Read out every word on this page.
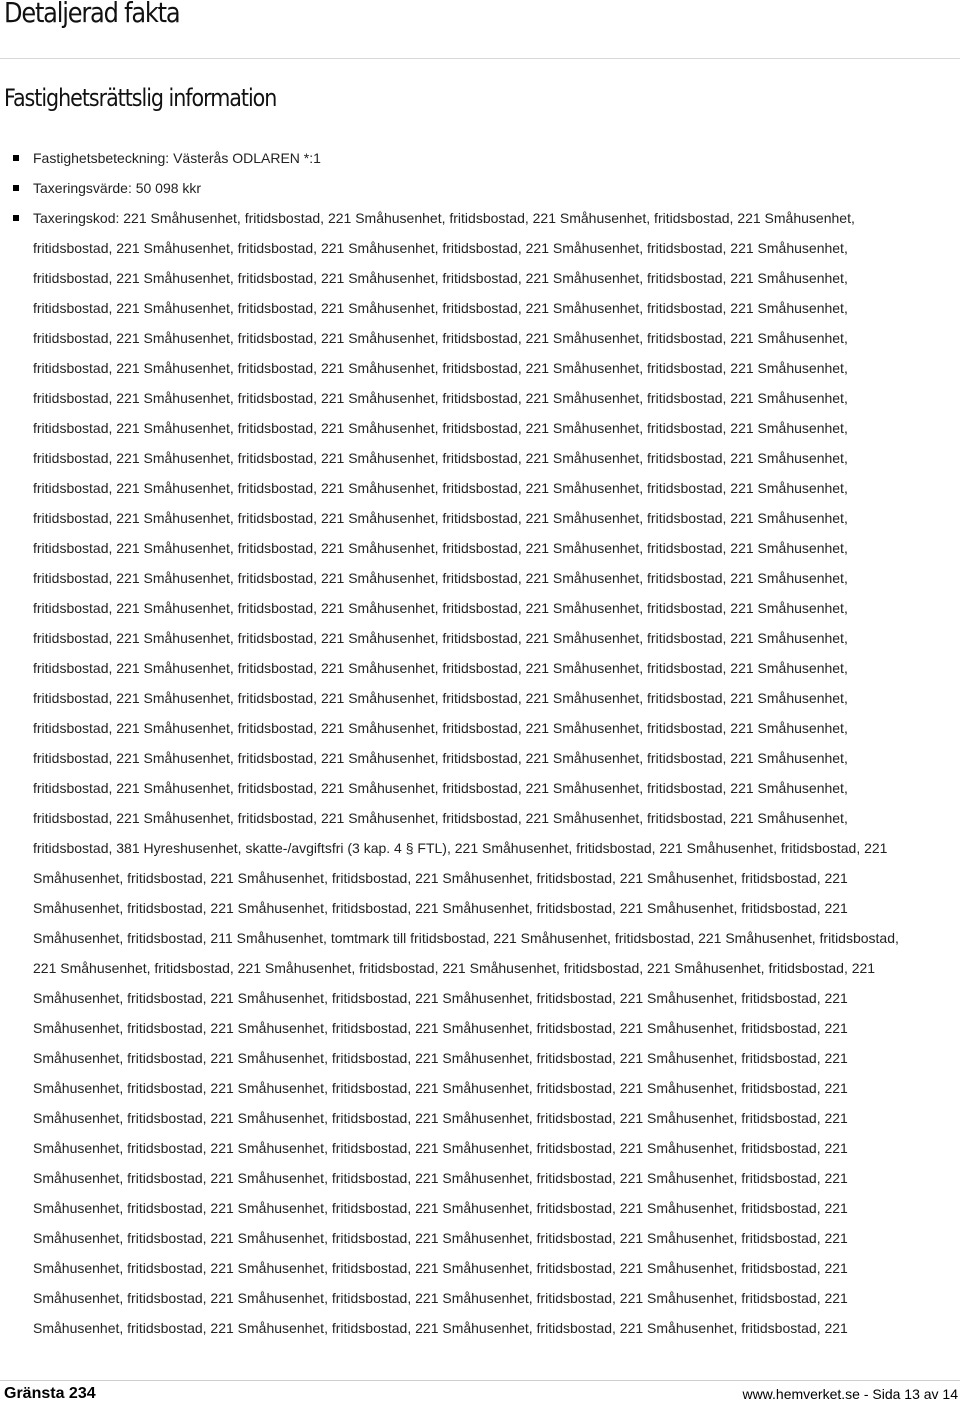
Detaljerad fakta
Fastighetsrättslig information
Fastighetsbeteckning: Västerås ODLAREN *:1
Taxeringsvärde: 50 098 kkr
Taxeringskod: 221 Småhusenhet, fritidsbostad, 221 Småhusenhet, fritidsbostad, 221 Småhusenhet, fritidsbostad, 221 Småhusenhet,
fritidsbostad, 221 Småhusenhet, fritidsbostad, 221 Småhusenhet, fritidsbostad, 221 Småhusenhet, fritidsbostad, 221 Småhusenhet,
fritidsbostad, 221 Småhusenhet, fritidsbostad, 221 Småhusenhet, fritidsbostad, 221 Småhusenhet, fritidsbostad, 221 Småhusenhet,
fritidsbostad, 221 Småhusenhet, fritidsbostad, 221 Småhusenhet, fritidsbostad, 221 Småhusenhet, fritidsbostad, 221 Småhusenhet,
fritidsbostad, 221 Småhusenhet, fritidsbostad, 221 Småhusenhet, fritidsbostad, 221 Småhusenhet, fritidsbostad, 221 Småhusenhet,
fritidsbostad, 221 Småhusenhet, fritidsbostad, 221 Småhusenhet, fritidsbostad, 221 Småhusenhet, fritidsbostad, 221 Småhusenhet,
fritidsbostad, 221 Småhusenhet, fritidsbostad, 221 Småhusenhet, fritidsbostad, 221 Småhusenhet, fritidsbostad, 221 Småhusenhet,
fritidsbostad, 221 Småhusenhet, fritidsbostad, 221 Småhusenhet, fritidsbostad, 221 Småhusenhet, fritidsbostad, 221 Småhusenhet,
fritidsbostad, 221 Småhusenhet, fritidsbostad, 221 Småhusenhet, fritidsbostad, 221 Småhusenhet, fritidsbostad, 221 Småhusenhet,
fritidsbostad, 221 Småhusenhet, fritidsbostad, 221 Småhusenhet, fritidsbostad, 221 Småhusenhet, fritidsbostad, 221 Småhusenhet,
fritidsbostad, 221 Småhusenhet, fritidsbostad, 221 Småhusenhet, fritidsbostad, 221 Småhusenhet, fritidsbostad, 221 Småhusenhet,
fritidsbostad, 221 Småhusenhet, fritidsbostad, 221 Småhusenhet, fritidsbostad, 221 Småhusenhet, fritidsbostad, 221 Småhusenhet,
fritidsbostad, 221 Småhusenhet, fritidsbostad, 221 Småhusenhet, fritidsbostad, 221 Småhusenhet, fritidsbostad, 221 Småhusenhet,
fritidsbostad, 221 Småhusenhet, fritidsbostad, 221 Småhusenhet, fritidsbostad, 221 Småhusenhet, fritidsbostad, 221 Småhusenhet,
fritidsbostad, 221 Småhusenhet, fritidsbostad, 221 Småhusenhet, fritidsbostad, 221 Småhusenhet, fritidsbostad, 221 Småhusenhet,
fritidsbostad, 221 Småhusenhet, fritidsbostad, 221 Småhusenhet, fritidsbostad, 221 Småhusenhet, fritidsbostad, 221 Småhusenhet,
fritidsbostad, 221 Småhusenhet, fritidsbostad, 221 Småhusenhet, fritidsbostad, 221 Småhusenhet, fritidsbostad, 221 Småhusenhet,
fritidsbostad, 221 Småhusenhet, fritidsbostad, 221 Småhusenhet, fritidsbostad, 221 Småhusenhet, fritidsbostad, 221 Småhusenhet,
fritidsbostad, 221 Småhusenhet, fritidsbostad, 221 Småhusenhet, fritidsbostad, 221 Småhusenhet, fritidsbostad, 221 Småhusenhet,
fritidsbostad, 221 Småhusenhet, fritidsbostad, 221 Småhusenhet, fritidsbostad, 221 Småhusenhet, fritidsbostad, 221 Småhusenhet,
fritidsbostad, 221 Småhusenhet, fritidsbostad, 221 Småhusenhet, fritidsbostad, 221 Småhusenhet, fritidsbostad, 221 Småhusenhet,
fritidsbostad, 381 Hyreshusenhet, skatte-/avgiftsfri (3 kap. 4 § FTL), 221 Småhusenhet, fritidsbostad, 221 Småhusenhet, fritidsbostad, 221
Småhusenhet, fritidsbostad, 221 Småhusenhet, fritidsbostad, 221 Småhusenhet, fritidsbostad, 221 Småhusenhet, fritidsbostad, 221
Småhusenhet, fritidsbostad, 221 Småhusenhet, fritidsbostad, 221 Småhusenhet, fritidsbostad, 221 Småhusenhet, fritidsbostad, 221
Småhusenhet, fritidsbostad, 211 Småhusenhet, tomtmark till fritidsbostad, 221 Småhusenhet, fritidsbostad, 221 Småhusenhet, fritidsbostad,
221 Småhusenhet, fritidsbostad, 221 Småhusenhet, fritidsbostad, 221 Småhusenhet, fritidsbostad, 221 Småhusenhet, fritidsbostad, 221
Småhusenhet, fritidsbostad, 221 Småhusenhet, fritidsbostad, 221 Småhusenhet, fritidsbostad, 221 Småhusenhet, fritidsbostad, 221
Småhusenhet, fritidsbostad, 221 Småhusenhet, fritidsbostad, 221 Småhusenhet, fritidsbostad, 221 Småhusenhet, fritidsbostad, 221
Småhusenhet, fritidsbostad, 221 Småhusenhet, fritidsbostad, 221 Småhusenhet, fritidsbostad, 221 Småhusenhet, fritidsbostad, 221
Småhusenhet, fritidsbostad, 221 Småhusenhet, fritidsbostad, 221 Småhusenhet, fritidsbostad, 221 Småhusenhet, fritidsbostad, 221
Småhusenhet, fritidsbostad, 221 Småhusenhet, fritidsbostad, 221 Småhusenhet, fritidsbostad, 221 Småhusenhet, fritidsbostad, 221
Småhusenhet, fritidsbostad, 221 Småhusenhet, fritidsbostad, 221 Småhusenhet, fritidsbostad, 221 Småhusenhet, fritidsbostad, 221
Småhusenhet, fritidsbostad, 221 Småhusenhet, fritidsbostad, 221 Småhusenhet, fritidsbostad, 221 Småhusenhet, fritidsbostad, 221
Småhusenhet, fritidsbostad, 221 Småhusenhet, fritidsbostad, 221 Småhusenhet, fritidsbostad, 221 Småhusenhet, fritidsbostad, 221
Småhusenhet, fritidsbostad, 221 Småhusenhet, fritidsbostad, 221 Småhusenhet, fritidsbostad, 221 Småhusenhet, fritidsbostad, 221
Småhusenhet, fritidsbostad, 221 Småhusenhet, fritidsbostad, 221 Småhusenhet, fritidsbostad, 221 Småhusenhet, fritidsbostad, 221
Småhusenhet, fritidsbostad, 221 Småhusenhet, fritidsbostad, 221 Småhusenhet, fritidsbostad, 221 Småhusenhet, fritidsbostad, 221
Småhusenhet, fritidsbostad, 221 Småhusenhet, fritidsbostad, 221 Småhusenhet, fritidsbostad, 221 Småhusenhet, fritidsbostad, 221
Gränsta 234	www.hemverket.se - Sida 13 av 14
